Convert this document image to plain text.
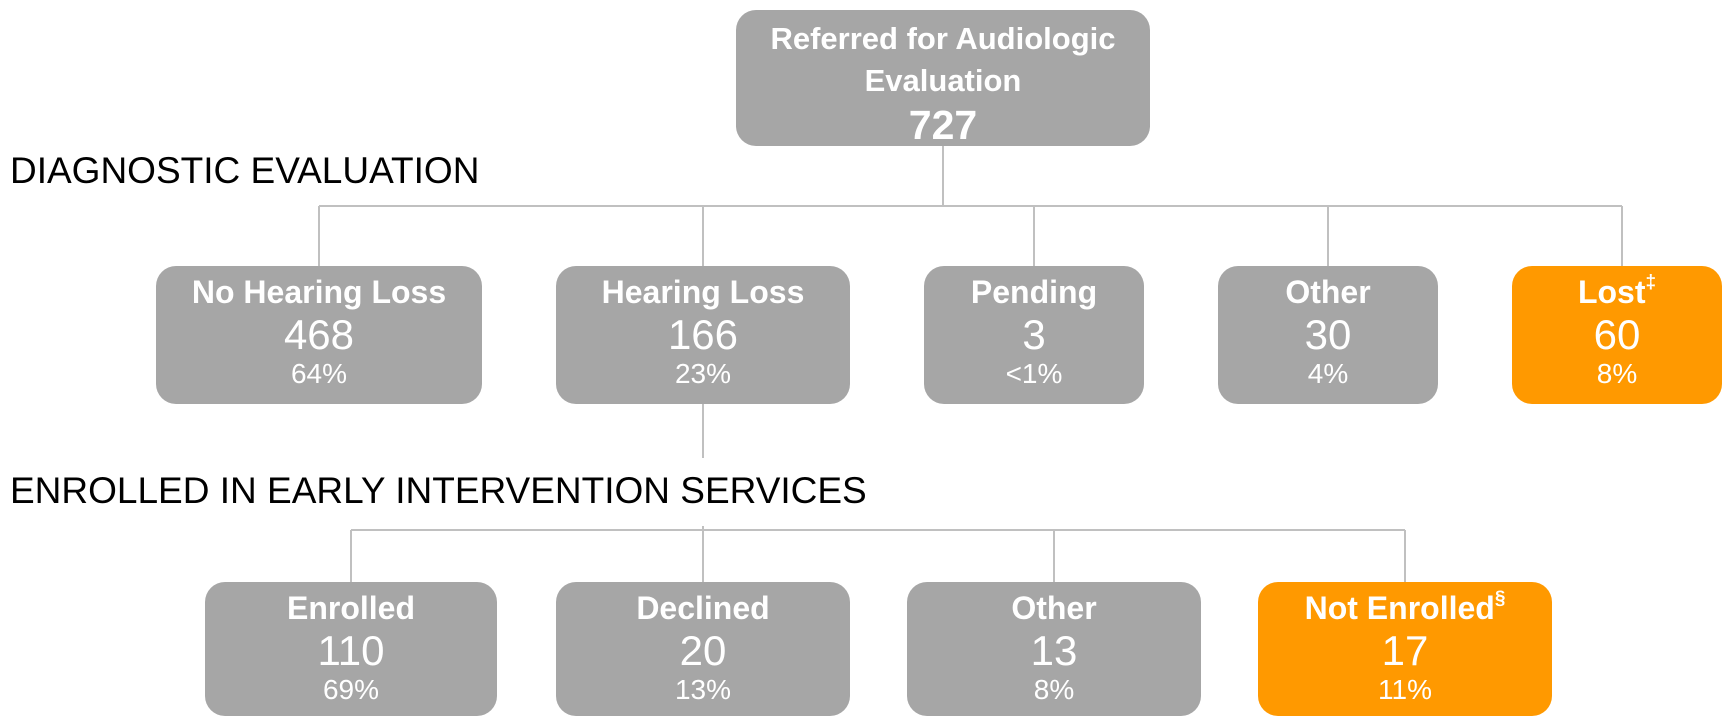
Referred for Audiologic Evaluation
727
DIAGNOSTIC EVALUATION
No Hearing Loss
468
64%
Hearing Loss
166
23%
Pending
3
<1%
Other
30
4%
Lost‡
60
8%
ENROLLED IN EARLY INTERVENTION SERVICES
Enrolled
110
69%
Declined
20
13%
Other
13
8%
Not Enrolled§
17
11%
